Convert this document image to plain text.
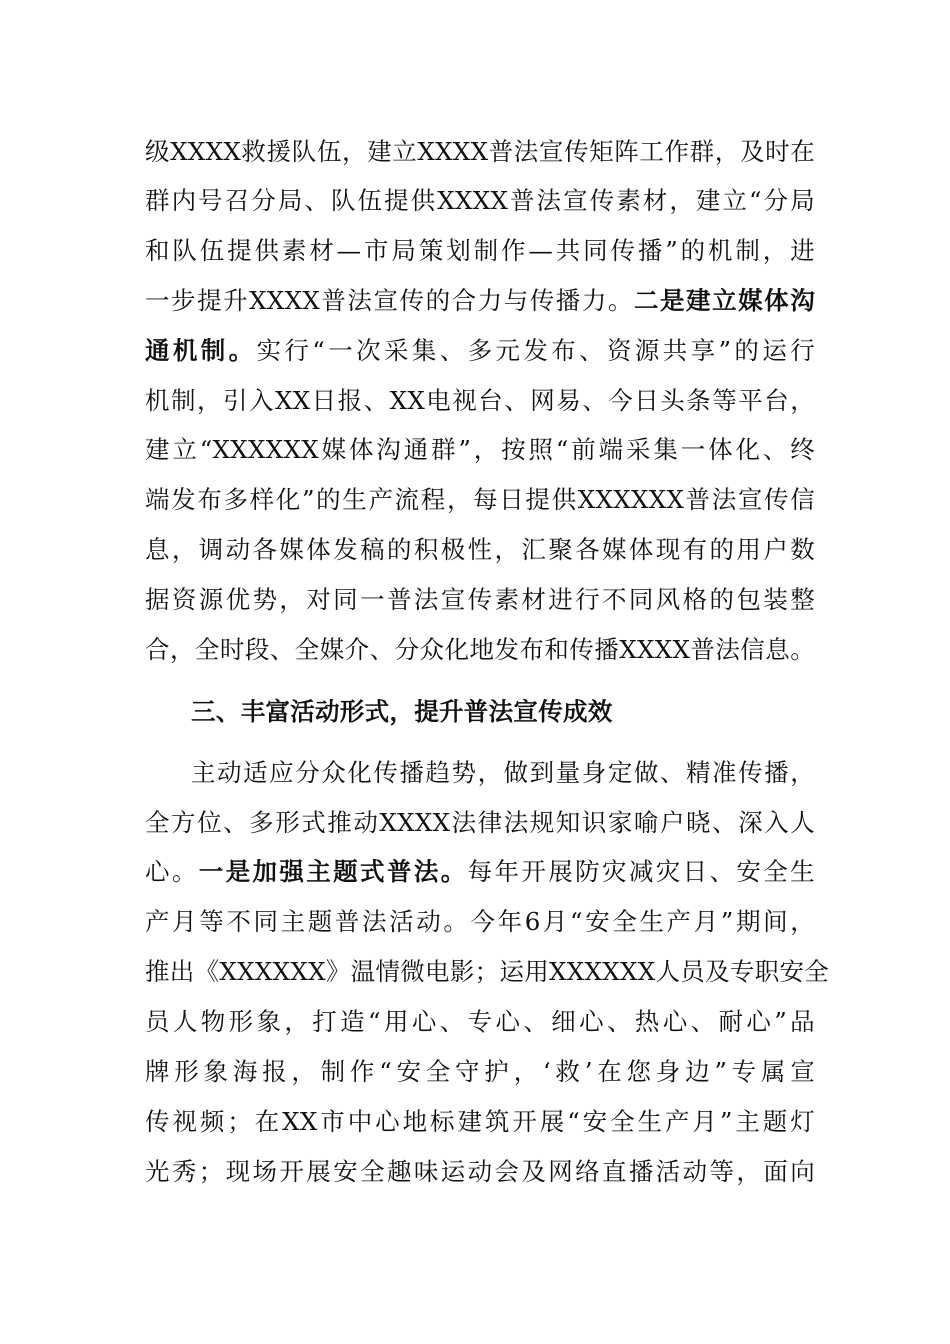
级XXXX救援队伍，建立XXXX普法宣传矩阵工作群，及时在
群内号召分局、队伍提供XXXX普法宣传素材，建立“分局
和队伍提供素材—市局策划制作—共同传播”的机制，进
一步提升XXXX普法宣传的合力与传播力。二是建立媒体沟
通机制。实行“一次采集、多元发布、资源共享”的运行
机制，引入XX日报、XX电视台、网易、今日头条等平台，
建立“XXXXXX媒体沟通群”，按照“前端采集一体化、终
端发布多样化”的生产流程，每日提供XXXXXX普法宣传信
息，调动各媒体发稿的积极性，汇聚各媒体现有的用户数
据资源优势，对同一普法宣传素材进行不同风格的包装整
合，全时段、全媒介、分众化地发布和传播XXXX普法信息。
三、丰富活动形式，提升普法宣传成效
主动适应分众化传播趋势，做到量身定做、精准传播，
全方位、多形式推动XXXX法律法规知识家喻户晓、深入人
心。一是加强主题式普法。每年开展防灾减灾日、安全生
产月等不同主题普法活动。今年6月“安全生产月”期间，
推出《XXXXXX》温情微电影；运用XXXXXX人员及专职安全
员人物形象，打造“用心、专心、细心、热心、耐心”品
牌形象海报，制作“安全守护，‘救’在您身边”专属宣
传视频；在XX市中心地标建筑开展“安全生产月”主题灯
光秀；现场开展安全趣味运动会及网络直播活动等，面向
